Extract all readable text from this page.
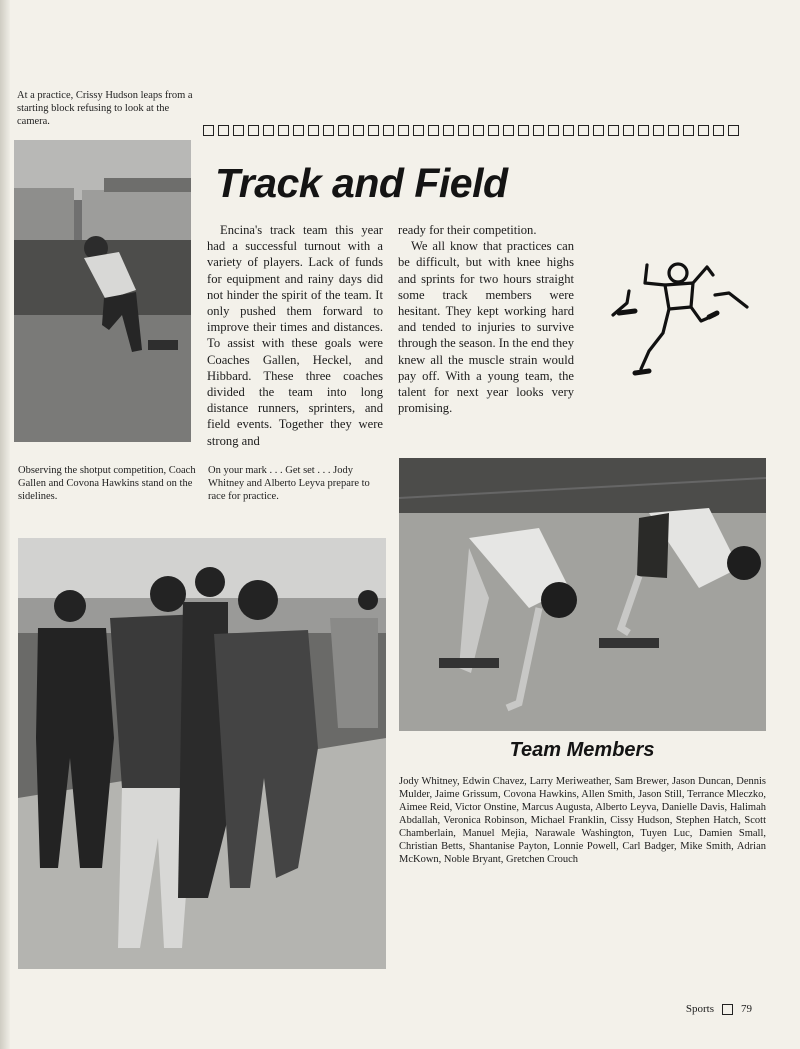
At a practice, Crissy Hudson leaps from a starting block refusing to look at the camera.
Track and Field

Encina's track team this year had a successful turnout with a variety of players. Lack of funds for equipment and rainy days did not hinder the spirit of the team. It only pushed them forward to improve their times and distances. To assist with these goals were Coaches Gallen, Heckel, and Hibbard. These three coaches divided the team into long distance runners, sprinters, and field events. Together they were strong and

ready for their competition.

We all know that practices can be difficult, but with knee highs and sprints for two hours straight some track members were hesitant. They kept working hard and tended to injuries to survive through the season. In the end they knew all the muscle strain would pay off. With a young team, the talent for next year looks very promising.

Observing the shotput competition, Coach Gallen and Covona Hawkins stand on the sidelines.
On your mark . . . Get set . . . Jody Whitney and Alberto Leyva prepare to race for practice.
Team Members

Jody Whitney, Edwin Chavez, Larry Meriweather, Sam Brewer, Jason Duncan, Dennis Mulder, Jaime Grissum, Covona Hawkins, Allen Smith, Jason Still, Terrance Mleczko, Aimee Reid, Victor Onstine, Marcus Augusta, Alberto Leyva, Danielle Davis, Halimah Abdallah, Veronica Robinson, Michael Franklin, Cissy Hudson, Stephen Hatch, Scott Chamberlain, Manuel Mejia, Narawale Washington, Tuyen Luc, Damien Small, Christian Betts, Shantanise Payton, Lonnie Powell, Carl Badger, Mike Smith, Adrian McKown, Noble Bryant, Gretchen Crouch

Sports 79
